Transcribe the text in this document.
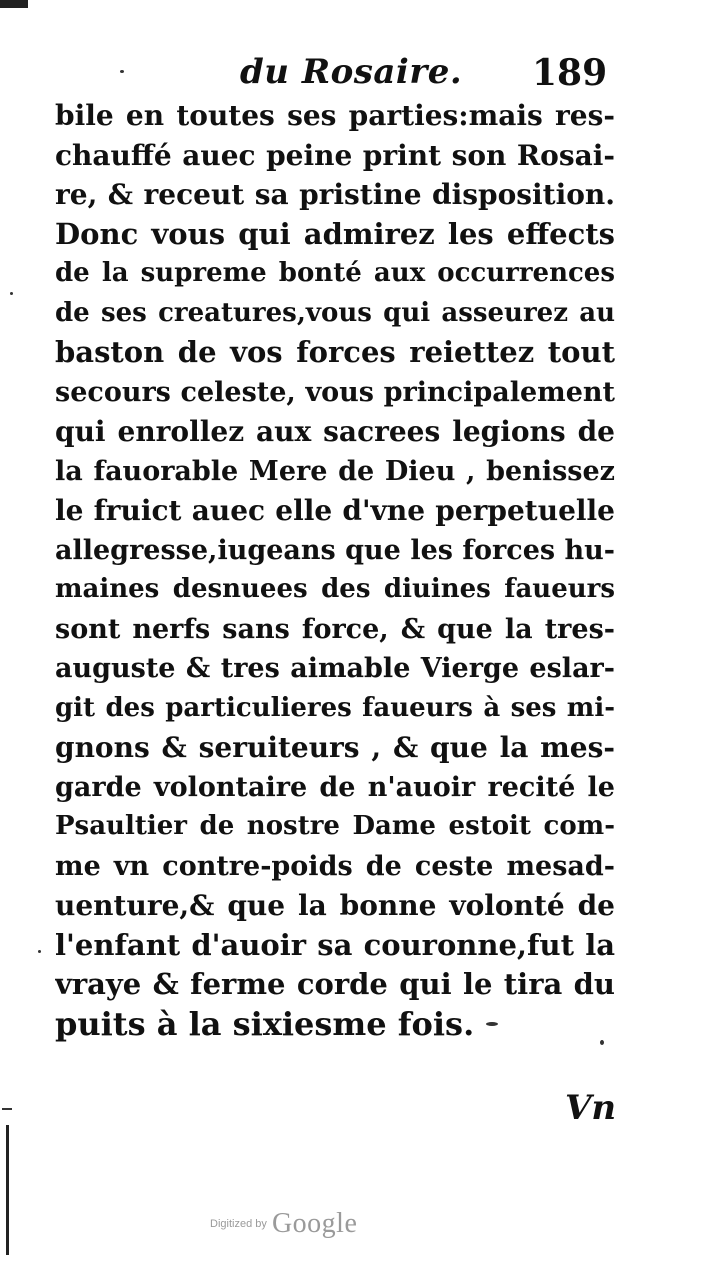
du Rosaire. 189
bile en toutes ses parties:mais res-
chauffé auec peine print son Rosai-
re, & receut sa pristine disposition.
Donc vous qui admirez les effects
de la supreme bonté aux occurrences
de ses creatures,vous qui asseurez au
baston de vos forces reiettez tout
secours celeste, vous principalement
qui enrollez aux sacrees legions de
la fauorable Mere de Dieu , benissez
le fruict auec elle d'vne perpetuelle
allegresse,iugeans que les forces hu-
maines desnuees des diuines faueurs
sont nerfs sans force, & que la tres-
auguste & tres aimable Vierge eslar-
git des particulieres faueurs à ses mi-
gnons & seruiteurs , & que la mes-
garde volontaire de n'auoir recité le
Psaultier de nostre Dame estoit com-
me vn contre-poids de ceste mesad-
uenture,& que la bonne volonté de
l'enfant d'auoir sa couronne,fut la
vraye & ferme corde qui le tira du
puits à la sixiesme fois.
Vn
Digitized by Google
